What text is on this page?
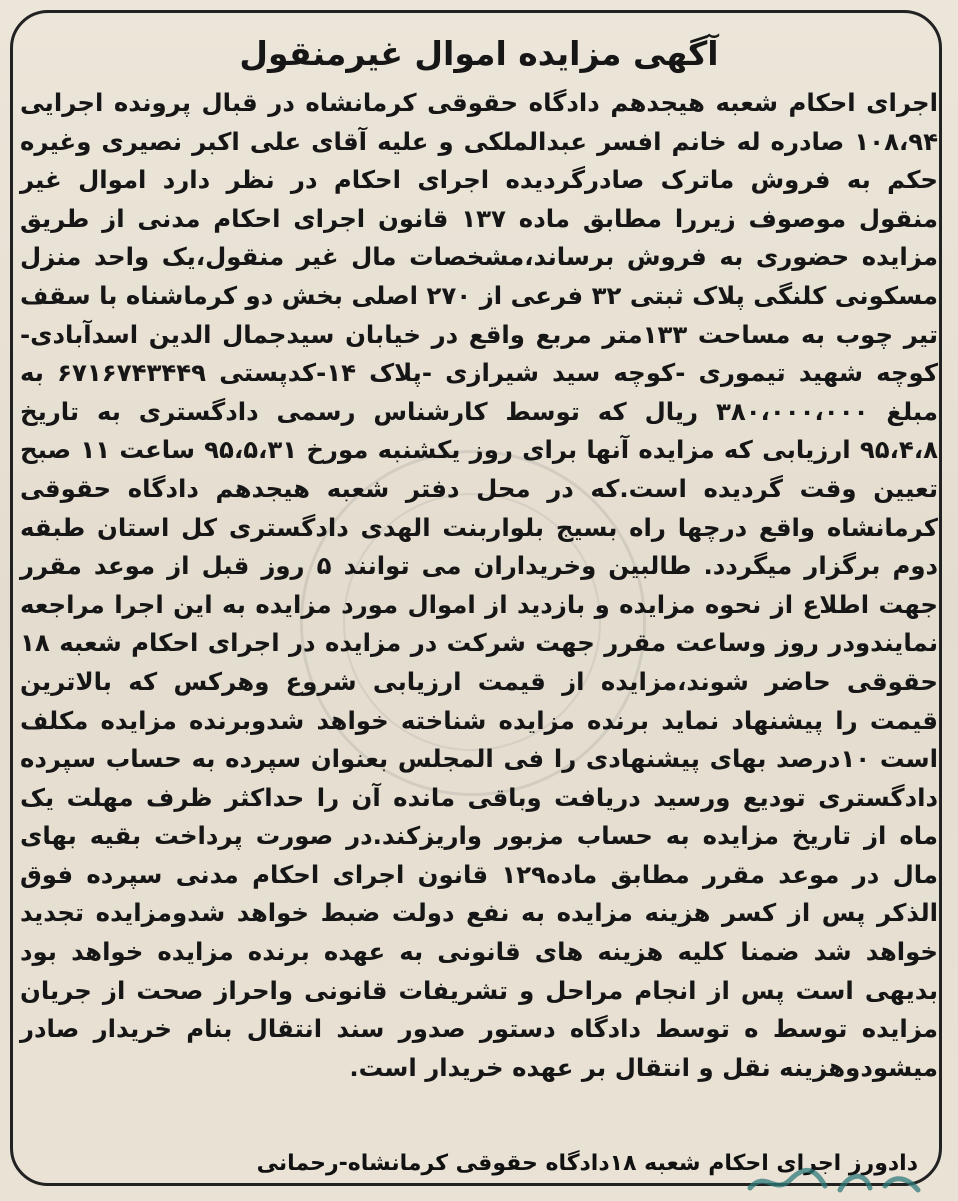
آگهی مزایده اموال غیرمنقول

اجرای احکام شعبه هیجدهم دادگاه حقوقی کرمانشاه در قبال پرونده اجرایی ۱۰۸،۹۴ صادره له خانم افسر عبدالملکی و علیه آقای علی اکبر نصیری وغیره حکم به فروش ماترک صادرگردیده اجرای احکام در نظر دارد اموال غیر منقول موصوف زیررا مطابق ماده ۱۳۷ قانون اجرای احکام مدنی از طریق مزایده حضوری به فروش برساند،مشخصات مال غیر منقول،یک واحد منزل مسکونی کلنگی پلاک ثبتی ۳۲ فرعی از ۲۷۰ اصلی بخش دو کرماشناه با سقف تیر چوب به مساحت ۱۳۳متر مربع واقع در خیابان سیدجمال الدین اسدآبادی-کوچه شهید تیموری -کوچه سید شیرازی -پلاک ۱۴-کدپستی ۶۷۱۶۷۴۳۴۴۹ به مبلغ ۳۸۰،۰۰۰،۰۰۰ ریال که توسط کارشناس رسمی دادگستری به تاریخ ۹۵،۴،۸ ارزیابی که مزایده آنها برای روز یکشنبه مورخ ۹۵،۵،۳۱ ساعت ۱۱ صبح تعیین وقت گردیده است.که در محل دفتر شعبه هیجدهم دادگاه حقوقی کرمانشاه واقع درچها راه بسیج بلواربنت الهدی دادگستری کل استان طبقه دوم برگزار میگردد. طالبین وخریداران می توانند ۵ روز قبل از موعد مقرر جهت اطلاع از نحوه مزایده و بازدید از اموال مورد مزایده به این اجرا مراجعه نمایندودر روز وساعت مقرر جهت شرکت در مزایده در اجرای احکام شعبه ۱۸ حقوقی حاضر شوند،مزایده از قیمت ارزیابی شروع وهرکس که بالاترین قیمت را پیشنهاد نماید برنده مزایده شناخته خواهد شدوبرنده مزایده مکلف است ۱۰درصد بهای پیشنهادی را فی المجلس بعنوان سپرده به حساب سپرده دادگستری تودیع ورسید دریافت وباقی مانده آن را حداکثر ظرف مهلت یک ماه از تاریخ مزایده به حساب مزبور واریزکند.در صورت پرداخت بقیه بهای مال در موعد مقرر مطابق ماده۱۲۹ قانون اجرای احکام مدنی سپرده فوق الذکر پس از کسر هزینه مزایده به نفع دولت ضبط خواهد شدومزایده تجدید خواهد شد ضمنا کلیه هزینه های قانونی به عهده برنده مزایده خواهد بود بدیهی است پس از انجام مراحل و تشریفات قانونی واحراز صحت از جریان مزایده توسط ه توسط دادگاه دستور صدور سند انتقال بنام خریدار صادر میشودوهزینه نقل و انتقال بر عهده خریدار است.

دادورز اجرای احکام شعبه ۱۸دادگاه حقوقی کرمانشاه-رحمانی
